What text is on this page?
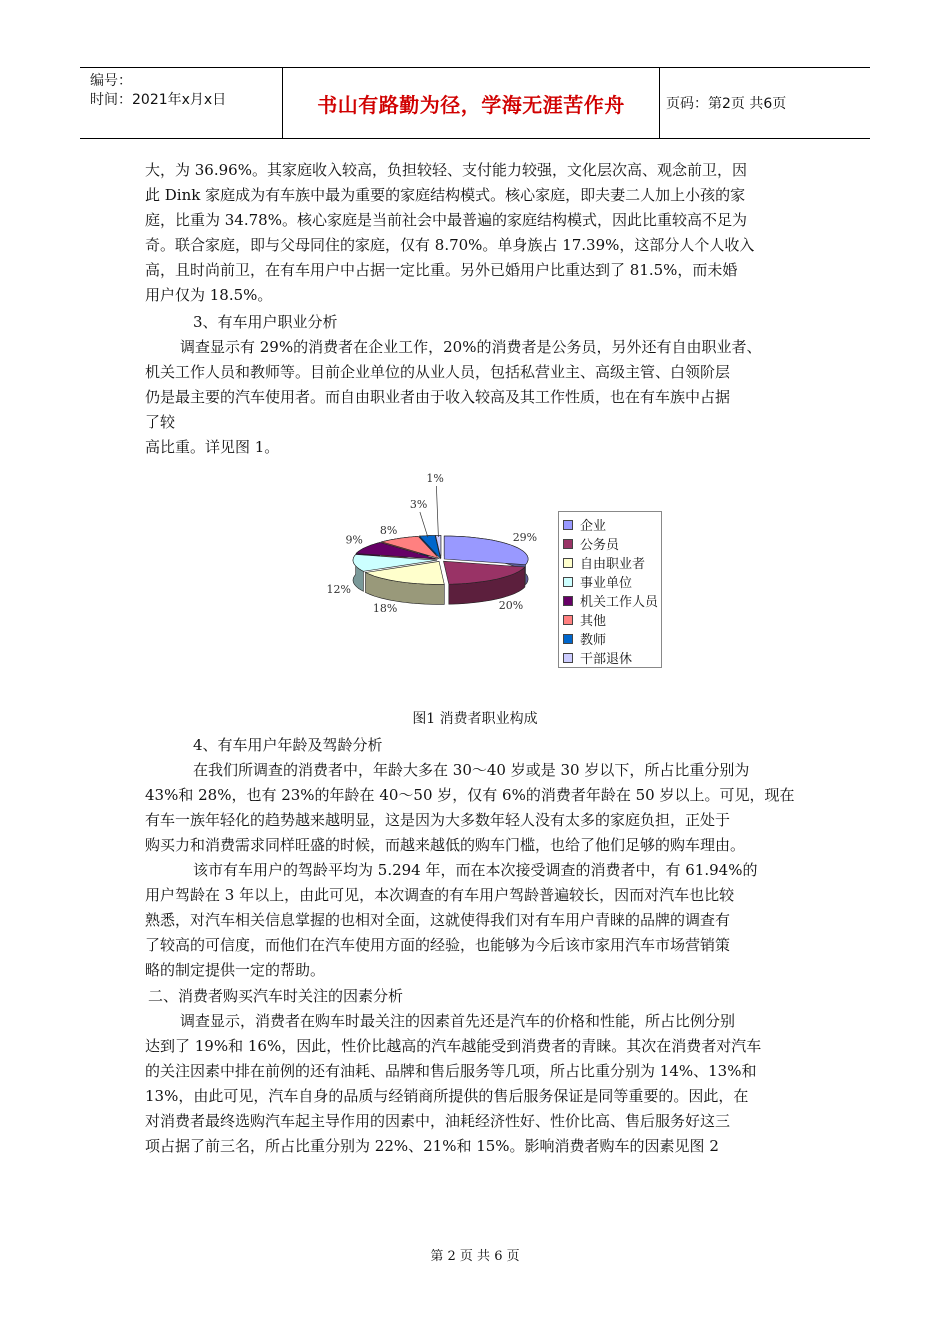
编号：
时间：2021年x月x日	书山有路勤为径，学海无涯苦作舟	页码：第2页 共6页
大，为 36.96%。其家庭收入较高，负担较轻、支付能力较强，文化层次高、观念前卫，因
此 Dink 家庭成为有车族中最为重要的家庭结构模式。核心家庭，即夫妻二人加上小孩的家
庭，比重为 34.78%。核心家庭是当前社会中最普遍的家庭结构模式，因此比重较高不足为
奇。联合家庭，即与父母同住的家庭，仅有 8.70%。单身族占 17.39%，这部分人个人收入
高，且时尚前卫，在有车用户中占据一定比重。另外已婚用户比重达到了 81.5%，而未婚
用户仅为 18.5%。
3、有车用户职业分析
调查显示有 29%的消费者在企业工作，20%的消费者是公务员，另外还有自由职业者、
机关工作人员和教师等。目前企业单位的从业人员，包括私营业主、高级主管、白领阶层
仍是最主要的汽车使用者。而自由职业者由于收入较高及其工作性质，也在有车族中占据
了较
高比重。详见图 1。
29%
20%
18%
12%
9%
8%
3%
1%
企业
公务员
自由职业者
事业单位
机关工作人员
其他
教师
干部退休
图1 消费者职业构成
4、有车用户年龄及驾龄分析
在我们所调查的消费者中，年龄大多在 30～40 岁或是 30 岁以下，所占比重分别为
43%和 28%，也有 23%的年龄在 40～50 岁，仅有 6%的消费者年龄在 50 岁以上。可见，现在
有车一族年轻化的趋势越来越明显，这是因为大多数年轻人没有太多的家庭负担，正处于
购买力和消费需求同样旺盛的时候，而越来越低的购车门槛，也给了他们足够的购车理由。
该市有车用户的驾龄平均为 5.294 年，而在本次接受调查的消费者中，有 61.94%的
用户驾龄在 3 年以上，由此可见，本次调查的有车用户驾龄普遍较长，因而对汽车也比较
熟悉，对汽车相关信息掌握的也相对全面，这就使得我们对有车用户青睐的品牌的调查有
了较高的可信度，而他们在汽车使用方面的经验，也能够为今后该市家用汽车市场营销策
略的制定提供一定的帮助。
二、消费者购买汽车时关注的因素分析
调查显示，消费者在购车时最关注的因素首先还是汽车的价格和性能，所占比例分别
达到了 19%和 16%，因此，性价比越高的汽车越能受到消费者的青睐。其次在消费者对汽车
的关注因素中排在前例的还有油耗、品牌和售后服务等几项，所占比重分别为 14%、13%和
13%，由此可见，汽车自身的品质与经销商所提供的售后服务保证是同等重要的。因此，在
对消费者最终选购汽车起主导作用的因素中，油耗经济性好、性价比高、售后服务好这三
项占据了前三名，所占比重分别为 22%、21%和 15%。影响消费者购车的因素见图 2
第 2 页 共 6 页
